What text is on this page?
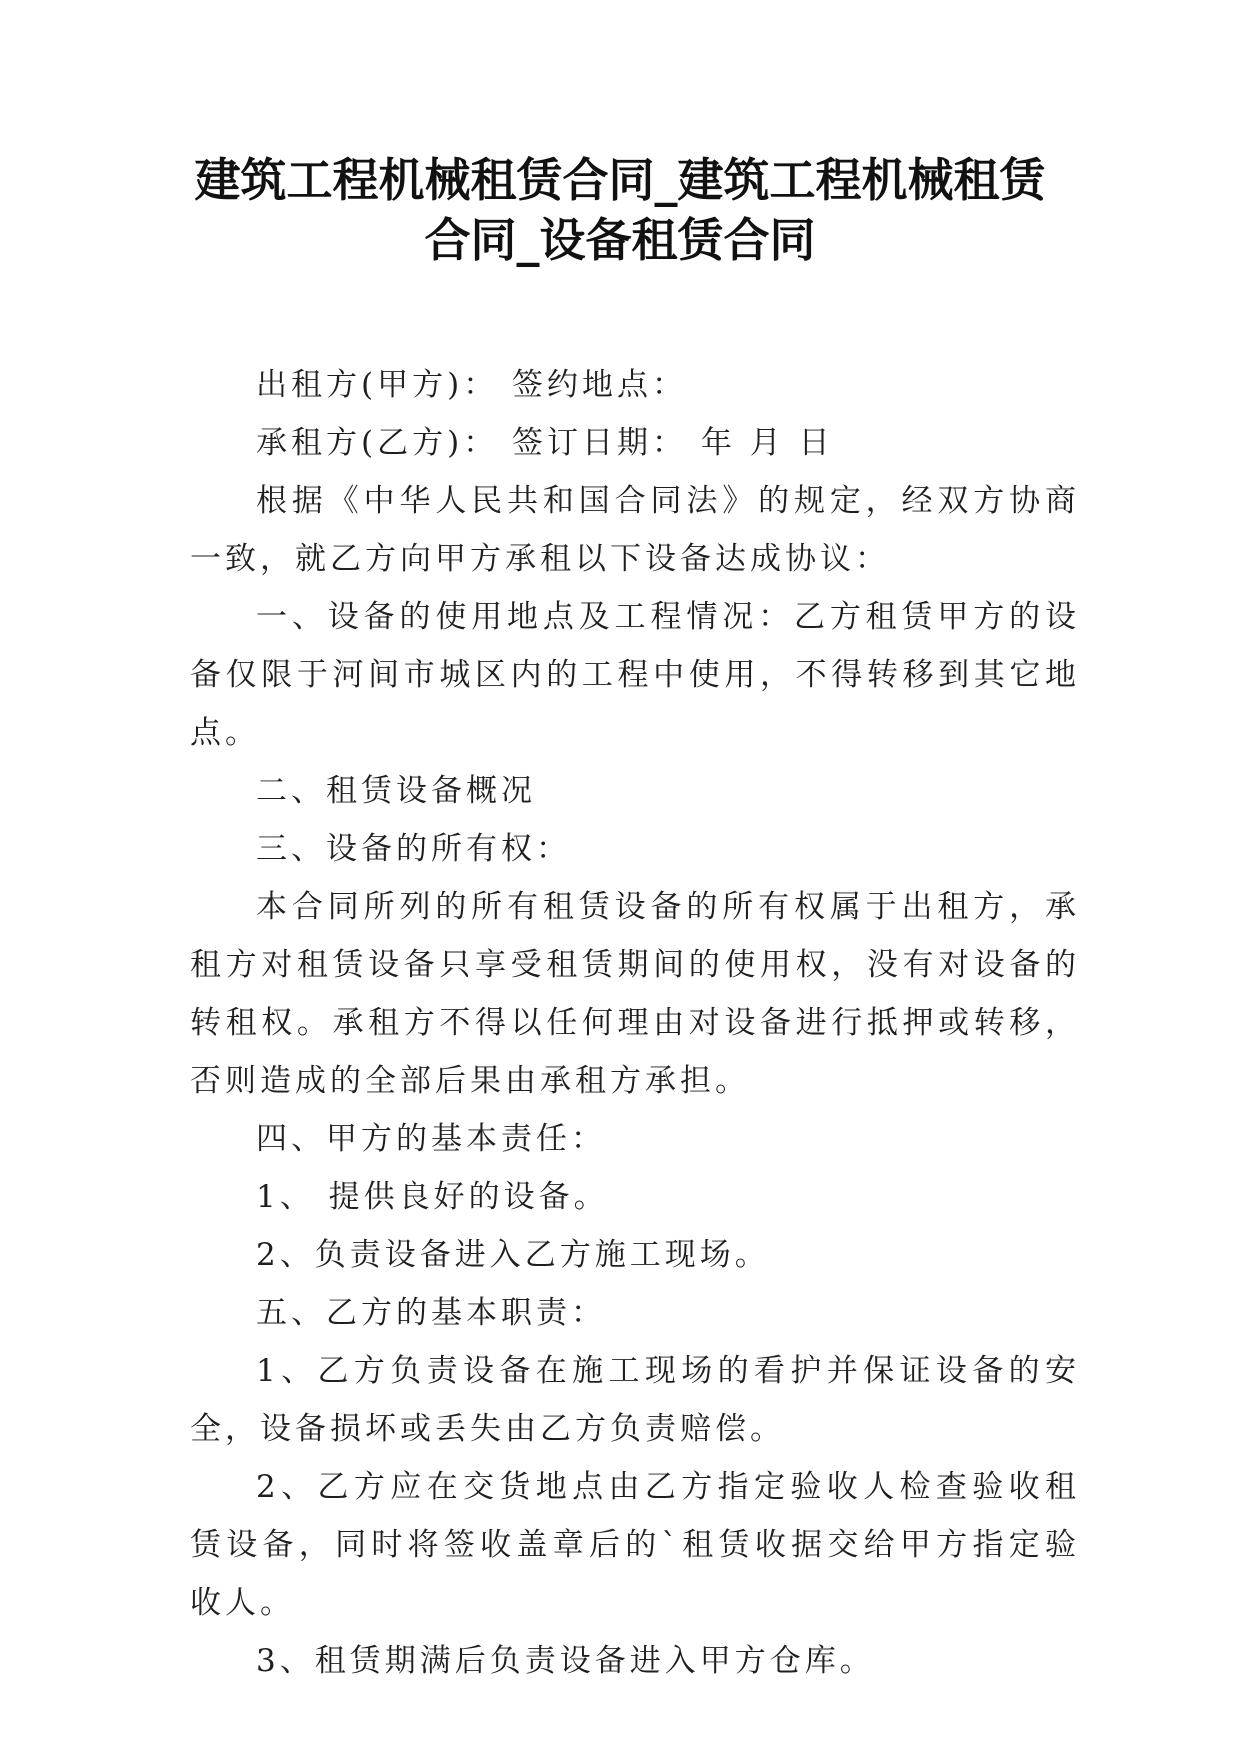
建筑工程机械租赁合同_建筑工程机械租赁
合同_设备租赁合同

出租方(甲方)： 签约地点：

承租方(乙方)： 签订日期： 年 月 日

根据《中华人民共和国合同法》的规定，经双方协商一致，就乙方向甲方承租以下设备达成协议：

一、设备的使用地点及工程情况：乙方租赁甲方的设备仅限于河间市城区内的工程中使用，不得转移到其它地点。

二、租赁设备概况

三、设备的所有权：

本合同所列的所有租赁设备的所有权属于出租方，承租方对租赁设备只享受租赁期间的使用权，没有对设备的转租权。承租方不得以任何理由对设备进行抵押或转移，否则造成的全部后果由承租方承担。

四、甲方的基本责任：

1、 提供良好的设备。

2、负责设备进入乙方施工现场。

五、乙方的基本职责：

1、乙方负责设备在施工现场的看护并保证设备的安全，设备损坏或丢失由乙方负责赔偿。

2、乙方应在交货地点由乙方指定验收人检查验收租赁设备，同时将签收盖章后的`租赁收据交给甲方指定验收人。

3、租赁期满后负责设备进入甲方仓库。
